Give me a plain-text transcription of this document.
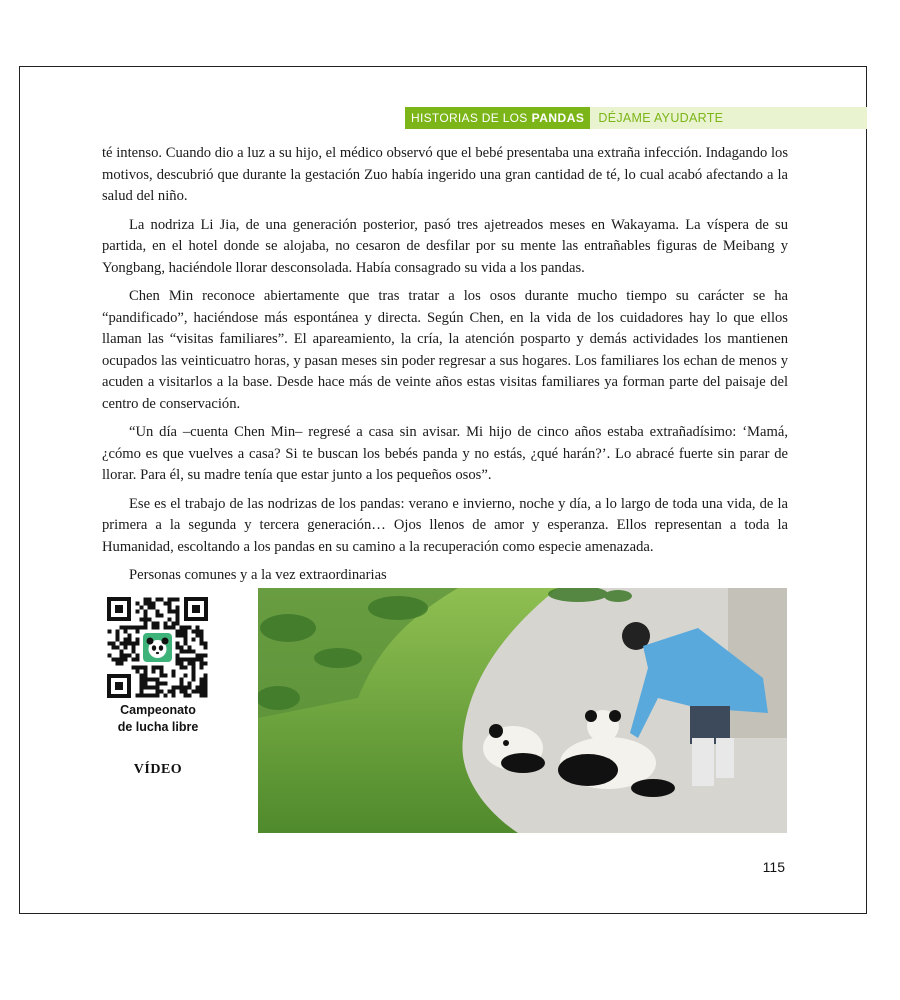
HISTORIAS DE LOS PANDAS	DÉJAME AYUDARTE

té intenso. Cuando dio a luz a su hijo, el médico observó que el bebé presentaba una extraña infección. Indagando los motivos, descubrió que durante la gestación Zuo había ingerido una gran cantidad de té, lo cual acabó afectando a la salud del niño.

La nodriza Li Jia, de una generación posterior, pasó tres ajetreados meses en Wakayama. La víspera de su partida, en el hotel donde se alojaba, no cesaron de desfilar por su mente las entrañables figuras de Meibang y Yongbang, haciéndole llorar desconsolada. Había consagrado su vida a los pandas.

Chen Min reconoce abiertamente que tras tratar a los osos durante mucho tiempo su carácter se ha “pandificado”, haciéndose más espontánea y directa. Según Chen, en la vida de los cuidadores hay lo que ellos llaman las “visitas familiares”. El apareamiento, la cría, la atención posparto y demás actividades los mantienen ocupados las veinticuatro horas, y pasan meses sin poder regresar a sus hogares. Los familiares los echan de menos y acuden a visitarlos a la base. Desde hace más de veinte años estas visitas familiares ya forman parte del paisaje del centro de conservación.

“Un día –cuenta Chen Min– regresé a casa sin avisar. Mi hijo de cinco años estaba extrañadísimo: ‘Mamá, ¿cómo es que vuelves a casa? Si te buscan los bebés panda y no estás, ¿qué harán?’. Lo abracé fuerte sin parar de llorar. Para él, su madre tenía que estar junto a los pequeños osos”.

Ese es el trabajo de las nodrizas de los pandas: verano e invierno, noche y día, a lo largo de toda una vida, de la primera a la segunda y tercera generación… Ojos llenos de amor y esperanza. Ellos representan a toda la Humanidad, escoltando a los pandas en su camino a la recuperación como especie amenazada.

Personas comunes y a la vez extraordinarias

Campeonato
de lucha libre
VÍDEO
115
